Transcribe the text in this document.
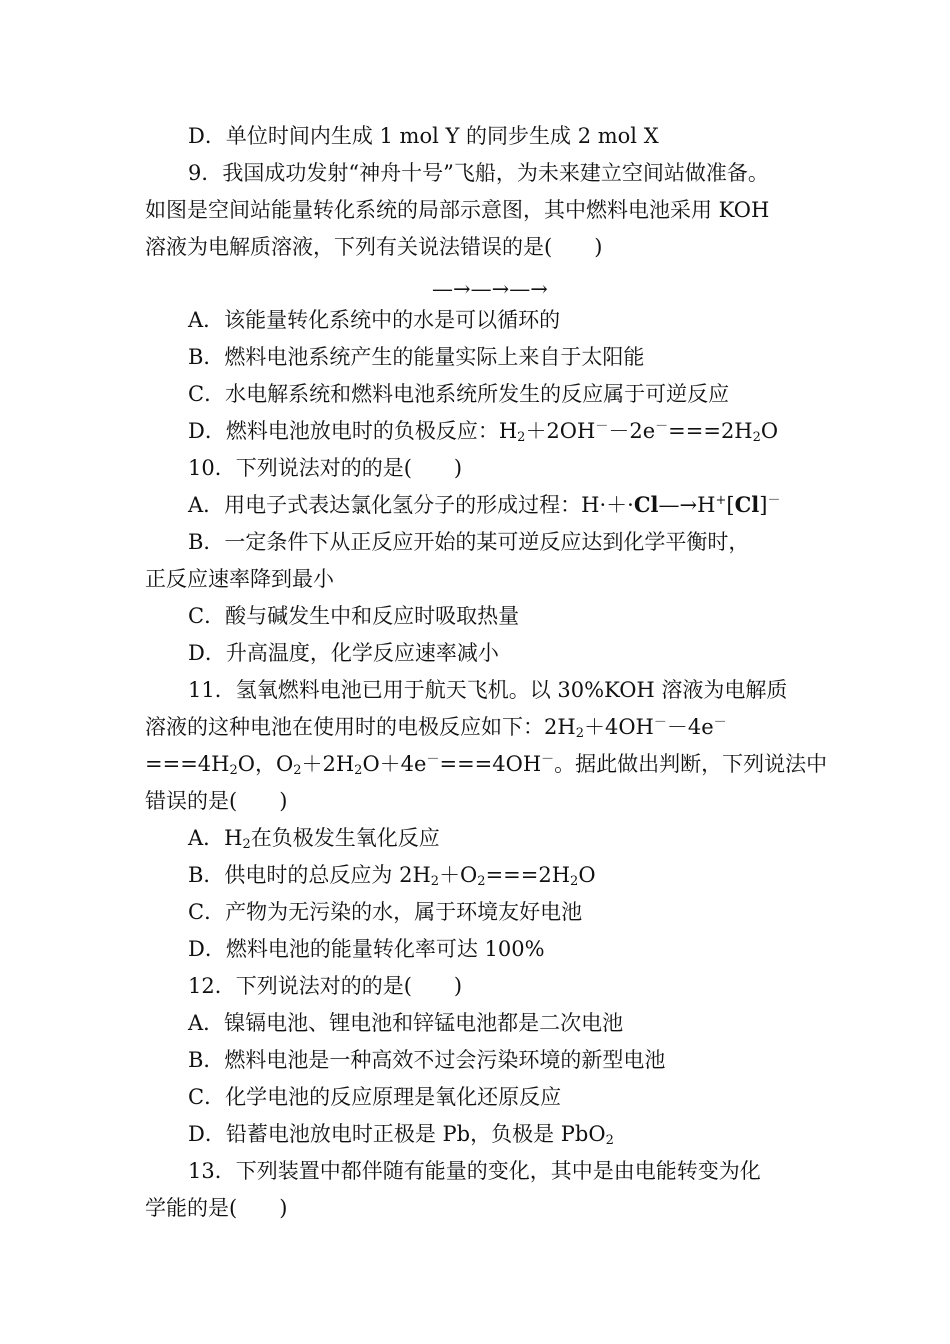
D．单位时间内生成 1 mol Y 的同步生成 2 mol X
9．我国成功发射“神舟十号”飞船，为未来建立空间站做准备。
如图是空间站能量转化系统的局部示意图，其中燃料电池采用 KOH
溶液为电解质溶液，下列有关说法错误的是(　　)
—→—→—→
A．该能量转化系统中的水是可以循环的
B．燃料电池系统产生的能量实际上来自于太阳能
C．水电解系统和燃料电池系统所发生的反应属于可逆反应
D．燃料电池放电时的负极反应：$H_2+2OH^--2e^-===2H_2O$
10．下列说法对的的是(　　)
A．用电子式表达氯化氢分子的形成过程：H·＋·Cl—→H+[Cl]－
B．一定条件下从正反应开始的某可逆反应达到化学平衡时，
正反应速率降到最小
C．酸与碱发生中和反应时吸取热量
D．升高温度，化学反应速率减小
11．氢氧燃料电池已用于航天飞机。以 30%KOH 溶液为电解质
溶液的这种电池在使用时的电极反应如下：$2H_2+4OH^--4e^-$
$===4H_2O$，$O_2+2H_2O+4e^-===4OH^-$。据此做出判断，下列说法中
错误的是(　　)
A．$H_2$在负极发生氧化反应
B．供电时的总反应为 $2H_2+O_2===2H_2O$
C．产物为无污染的水，属于环境友好电池
D．燃料电池的能量转化率可达 100%
12．下列说法对的的是(　　)
A．镍镉电池、锂电池和锌锰电池都是二次电池
B．燃料电池是一种高效不过会污染环境的新型电池
C．化学电池的反应原理是氧化还原反应
D．铅蓄电池放电时正极是 Pb，负极是 PbO$_2$
13．下列装置中都伴随有能量的变化，其中是由电能转变为化
学能的是(　　)
